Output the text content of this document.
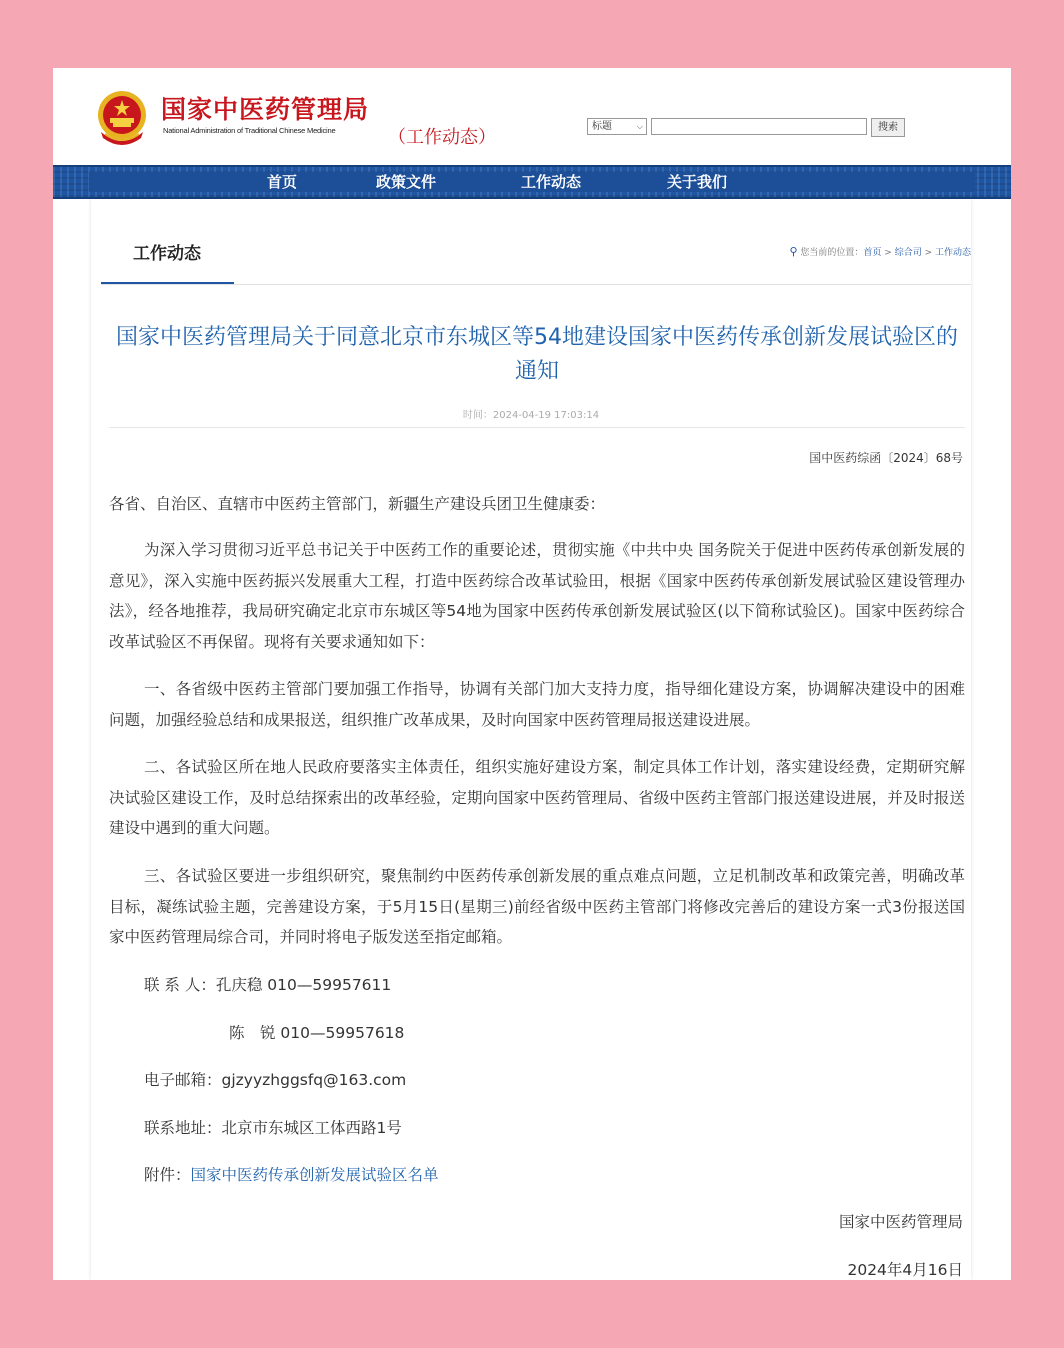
国家中医药管理局
National Administration of Traditional Chinese Medicine	（工作动态）
标题	⌵	搜索
首页	政策文件	工作动态	关于我们
工作动态	⚲ 您当前的位置：首页 > 综合司 > 工作动态
国家中医药管理局关于同意北京市东城区等54地建设国家中医药传承创新发展试验区的通知
时间：2024-04-19 17:03:14
国中医药综函〔2024〕68号

各省、自治区、直辖市中医药主管部门，新疆生产建设兵团卫生健康委：

为深入学习贯彻习近平总书记关于中医药工作的重要论述，贯彻实施《中共中央 国务院关于促进中医药传承创新发展的意见》，深入实施中医药振兴发展重大工程，打造中医药综合改革试验田，根据《国家中医药传承创新发展试验区建设管理办法》，经各地推荐，我局研究确定北京市东城区等54地为国家中医药传承创新发展试验区(以下简称试验区)。国家中医药综合改革试验区不再保留。现将有关要求通知如下：

一、各省级中医药主管部门要加强工作指导，协调有关部门加大支持力度，指导细化建设方案，协调解决建设中的困难问题，加强经验总结和成果报送，组织推广改革成果，及时向国家中医药管理局报送建设进展。

二、各试验区所在地人民政府要落实主体责任，组织实施好建设方案，制定具体工作计划，落实建设经费，定期研究解决试验区建设工作，及时总结探索出的改革经验，定期向国家中医药管理局、省级中医药主管部门报送建设进展，并及时报送建设中遇到的重大问题。

三、各试验区要进一步组织研究，聚焦制约中医药传承创新发展的重点难点问题，立足机制改革和政策完善，明确改革目标，凝练试验主题，完善建设方案，于5月15日(星期三)前经省级中医药主管部门将修改完善后的建设方案一式3份报送国家中医药管理局综合司，并同时将电子版发送至指定邮箱。

联 系 人：孔庆稳 010—59957611
陈　锐 010—59957618
电子邮箱：gjzyyzhggsfq@163.com
联系地址：北京市东城区工体西路1号
附件：国家中医药传承创新发展试验区名单
国家中医药管理局
2024年4月16日
